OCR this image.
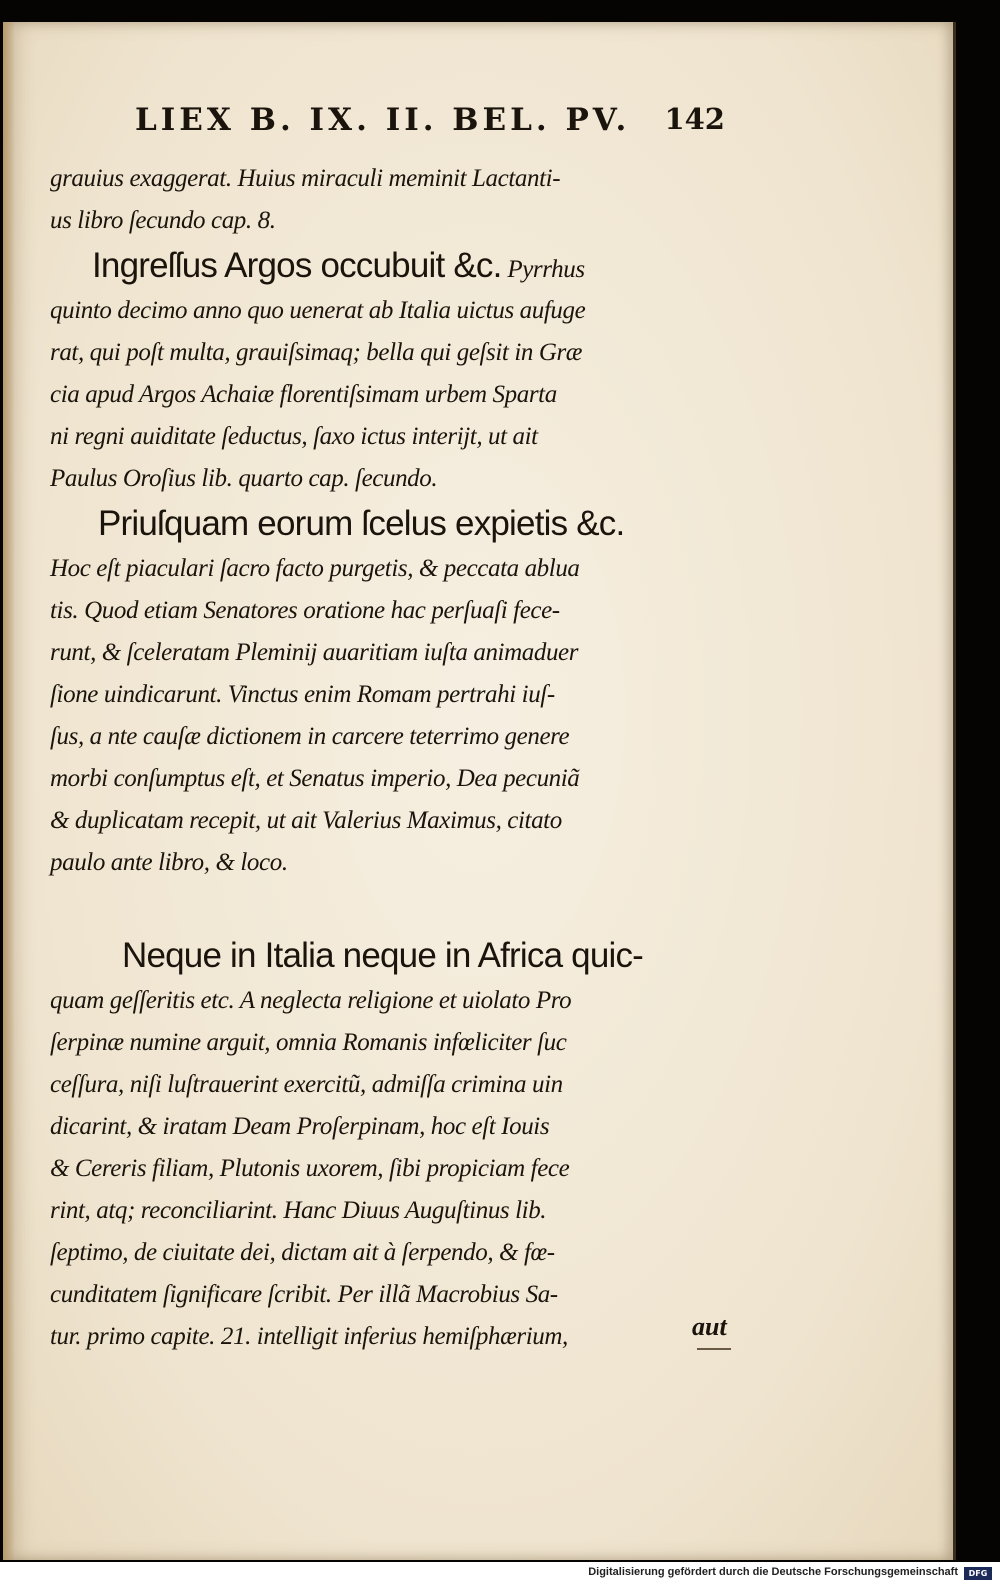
LIEX B. IX. II. BEL. PV. 142
grauius exaggerat. Huius miraculi meminit Lactanti-
us libro ſecundo cap. 8.
Ingreſſus Argos occubuit &c. Pyrrhus
quinto decimo anno quo uenerat ab Italia uictus aufuge
rat, qui poſt multa, grauiſsimaq; bella qui geſsit in Græ
cia apud Argos Achaiæ florentiſsimam urbem Sparta
ni regni auiditate ſeductus, ſaxo ictus interijt, ut ait
Paulus Oroſius lib. quarto cap. ſecundo.
Priuſquam eorum ſcelus expietis &c.
Hoc eſt piaculari ſacro facto purgetis, & peccata ablua
tis. Quod etiam Senatores oratione hac perſuaſi fece-
runt, & ſceleratam Pleminij auaritiam iuſta animaduer
ſione uindicarunt. Vinctus enim Romam pertrahi iuſ-
ſus, a nte cauſæ dictionem in carcere teterrimo genere
morbi conſumptus eſt, et Senatus imperio, Dea pecuniã
& duplicatam recepit, ut ait Valerius Maximus, citato
paulo ante libro, & loco.
Neque in Italia neque in Africa quic-
quam geſſeritis etc. A neglecta religione et uiolato Pro
ſerpinæ numine arguit, omnia Romanis infœliciter ſuc
ceſſura, niſi luſtrauerint exercitũ, admiſſa crimina uin
dicarint, & iratam Deam Proſerpinam, hoc eſt Iouis
& Cereris filiam, Plutonis uxorem, ſibi propiciam fece
rint, atq; reconciliarint. Hanc Diuus Auguſtinus lib.
ſeptimo, de ciuitate dei, dictam ait à ſerpendo, & fœ-
cunditatem ſignificare ſcribit. Per illã Macrobius Sa-
tur. primo capite. 21. intelligit inferius hemiſphærium,	aut
Digitalisierung gefördert durch die Deutsche Forschungsgemeinschaft	DFG
